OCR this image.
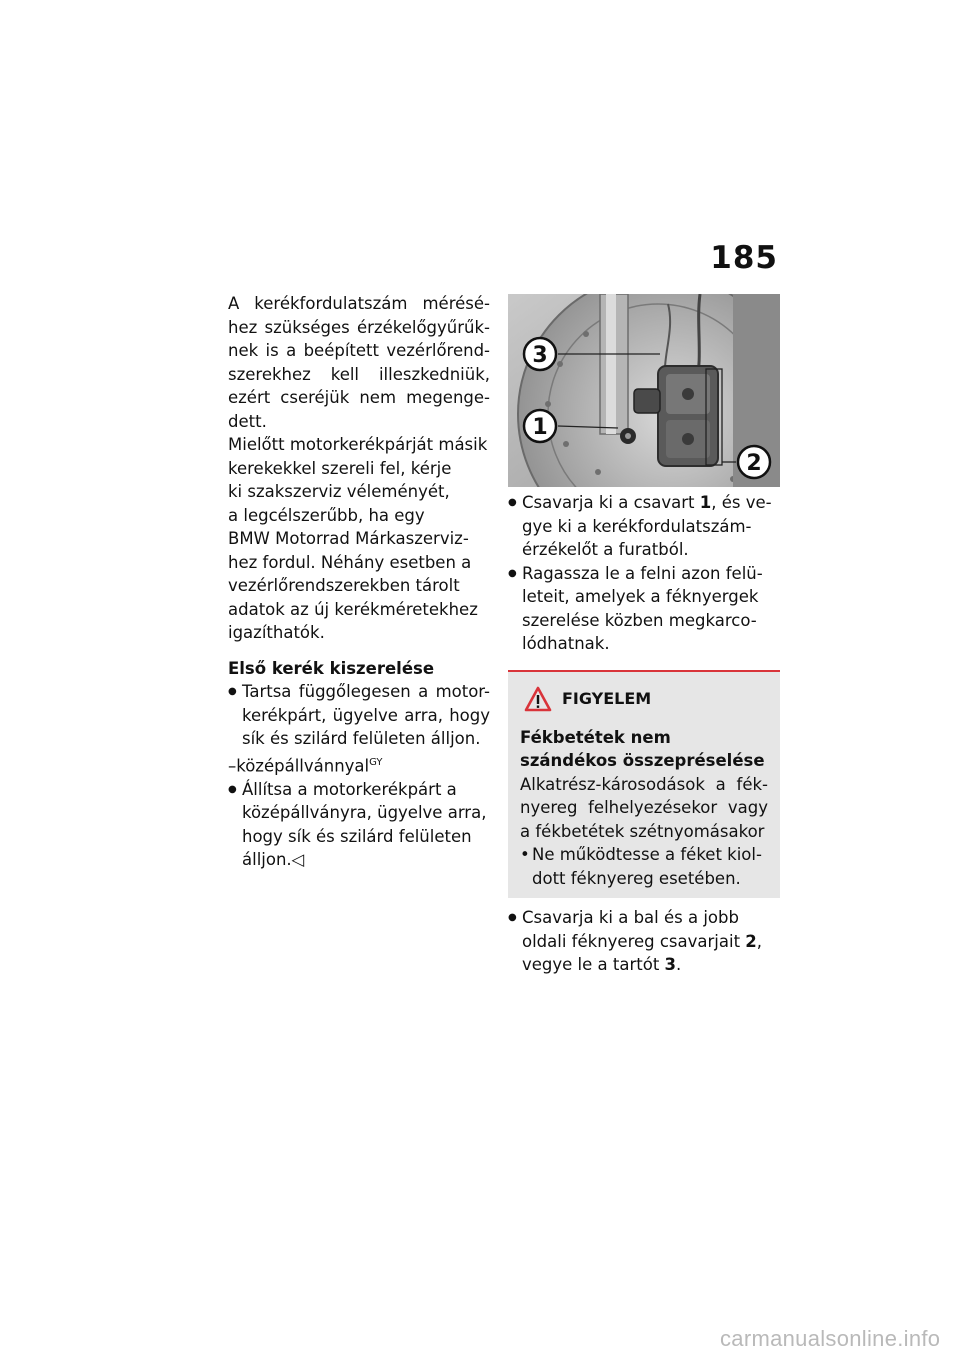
185

A kerékfordulatszám mérésé-hez szükséges érzékelőgyűrűk-nek is a beépített vezérlőrend-szerekhez kell illeszkedniük, ezért cseréjük nem megenge-dett.

Mielőtt motorkerékpárját másik
kerekekkel szereli fel, kérje
ki szakszerviz véleményét,
a legcélszerűbb, ha egy
BMW Motorrad Márkaszerviz-
hez fordul. Néhány esetben a
vezérlőrendszerekben tárolt
adatok az új kerékméretekhez
igazíthatók.
Első kerék kiszerelése
● Tartsa függőlegesen a motor-kerékpárt, ügyelve arra, hogy sík és szilárd felületen álljon.
–középállvánnyal$^{GY}$
● Állítsa a motorkerékpárt a középállványra, ügyelve arra, hogy sík és szilárd felületen álljon.◁
3
1
2
● Csavarja ki a csavart 1, és ve-gye ki a kerékfordulatszám-érzékelőt a furatból.
● Ragassza le a felni azon felü-leteit, amelyek a féknyergek szerelése közben megkarco-lódhatnak.
FIGYELEM
Fékbetétek nem szándékos összepréselése
Alkatrész-károsodások a fék-nyereg felhelyezésekor vagy a fékbetétek szétnyomásakor
• Ne működtesse a féket kiol-dott féknyereg esetében.
● Csavarja ki a bal és a jobb oldali féknyereg csavarjait 2, vegye le a tartót 3.
carmanualsonline.info
